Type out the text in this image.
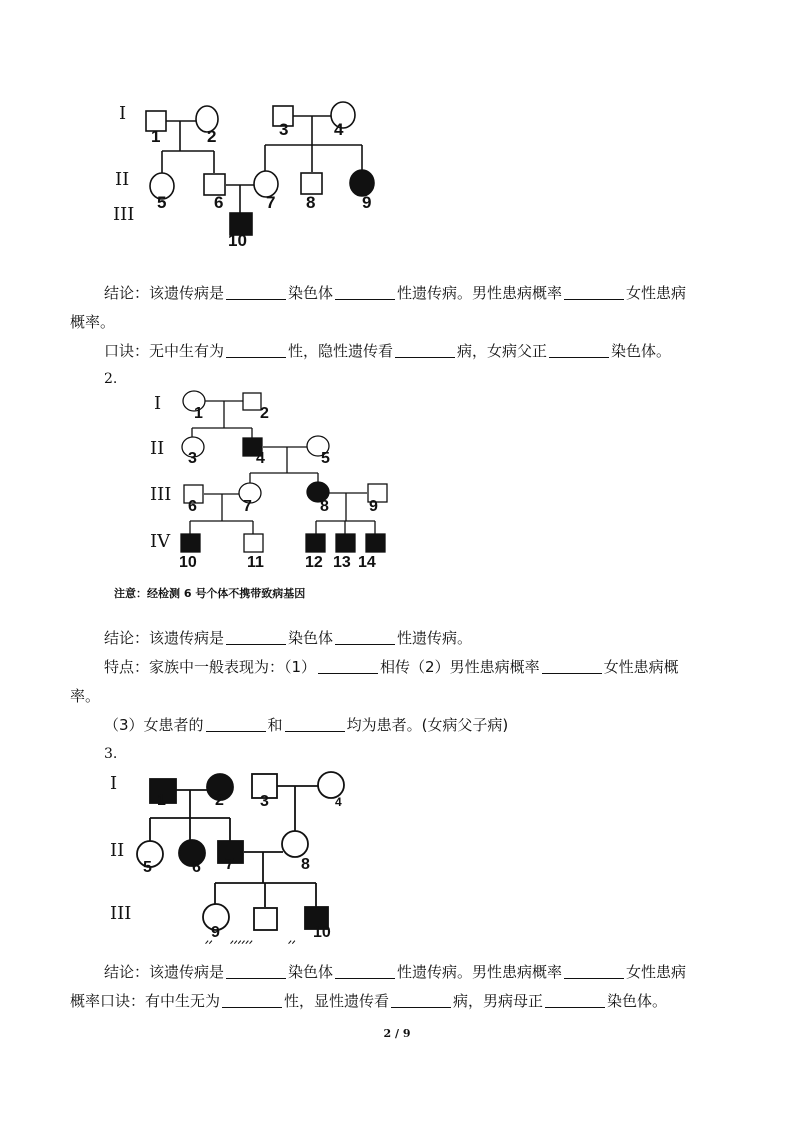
I
II
III
1	2	3	4
5	6	7 8	9
10
结论：该遗传病是	染色体	性遗传病。男性患病概率	女性患病
概率。
口诀：无中生有为	性，隐性遗传看	病，女病父正	染色体。
2.
I
II
III
IV
1	2
3	4	5
6	7	8	9
10	11	12 13 14
注意：经检测 6 号个体不携带致病基因
结论：该遗传病是	染色体	性遗传病。
特点：家族中一般表现为：（1）	相传（2）男性患病概率	女性患病概
率。
（3）女患者的	和	均为患者。(女病父子病)
3.
I
II
III
1	2 3	4
5	6 7	8
9	10
ᐟᐟ ᐟᐟᐟᐟᐟᐟ	ᐟᐟ
结论：该遗传病是	染色体	性遗传病。男性患病概率	女性患病
概率口诀：有中生无为	性，显性遗传看	病，男病母正	染色体。
2 / 9
